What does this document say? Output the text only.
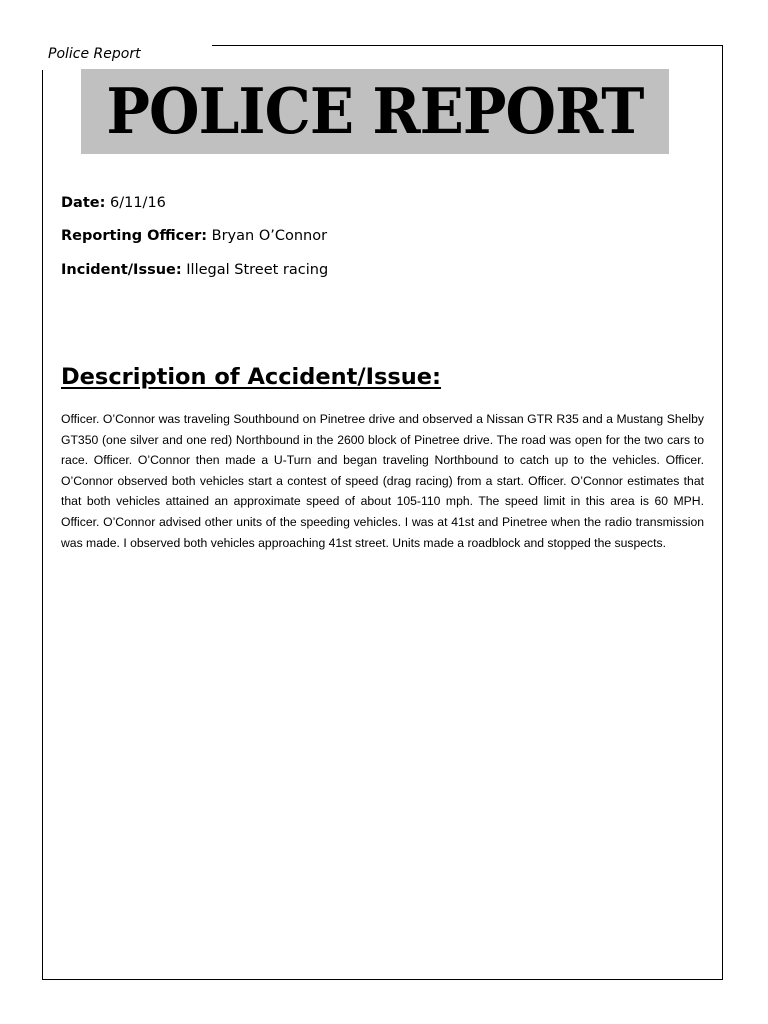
Police Report
POLICE REPORT
Date: 6/11/16
Reporting Officer: Bryan O’Connor
Incident/Issue: Illegal Street racing
Description of Accident/Issue:
Officer. O’Connor was traveling Southbound on Pinetree drive and observed a Nissan GTR R35 and a Mustang Shelby GT350 (one silver and one red) Northbound in the 2600 block of Pinetree drive. The road was open for the two cars to race. Officer. O’Connor then made a U-Turn and began traveling Northbound to catch up to the vehicles. Officer. O’Connor observed both vehicles start a contest of speed (drag racing) from a start. Officer. O’Connor estimates that that both vehicles attained an approximate speed of about 105-110 mph. The speed limit in this area is 60 MPH. Officer. O’Connor advised other units of the speeding vehicles. I was at 41st and Pinetree when the radio transmission was made. I observed both vehicles approaching 41st street. Units made a roadblock and stopped the suspects.
